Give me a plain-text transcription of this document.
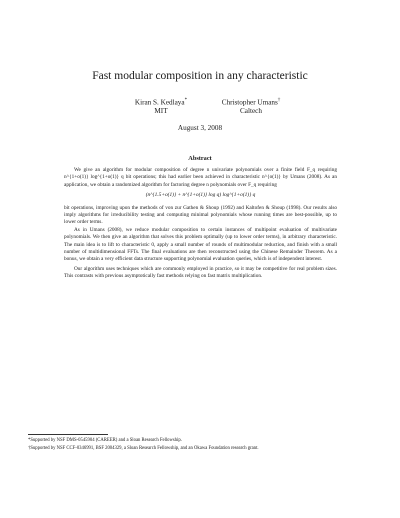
Fast modular composition in any characteristic
Kiran S. Kedlaya*
MIT
Christopher Umans†
Caltech
August 3, 2008
Abstract

We give an algorithm for modular composition of degree n univariate polynomials over a finite field F_q requiring n^{1+o(1)} log^{1+o(1)} q bit operations; this had earlier been achieved in characteristic n^{o(1)} by Umans (2008). As an application, we obtain a randomized algorithm for factoring degree n polynomials over F_q requiring

(n^{1.5+o(1)} + n^{1+o(1)} log q) log^{1+o(1)} q

bit operations, improving upon the methods of von zur Gathen & Shoup (1992) and Kaltofen & Shoup (1998). Our results also imply algorithms for irreducibility testing and computing minimal polynomials whose running times are best-possible, up to lower order terms.

As in Umans (2008), we reduce modular composition to certain instances of multipoint evaluation of multivariate polynomials. We then give an algorithm that solves this problem optimally (up to lower order terms), in arbitrary characteristic. The main idea is to lift to characteristic 0, apply a small number of rounds of multimodular reduction, and finish with a small number of multidimensional FFTs. The final evaluations are then reconstructed using the Chinese Remainder Theorem. As a bonus, we obtain a very efficient data structure supporting polynomial evaluation queries, which is of independent interest.

Our algorithm uses techniques which are commonly employed in practice, so it may be competitive for real problem sizes. This contrasts with previous asymptotically fast methods relying on fast matrix multiplication.

*Supported by NSF DMS-0545904 (CAREER) and a Sloan Research Fellowship.
†Supported by NSF CCF-0346991, BSF 2004329, a Sloan Research Fellowship, and an Okawa Foundation research grant.
